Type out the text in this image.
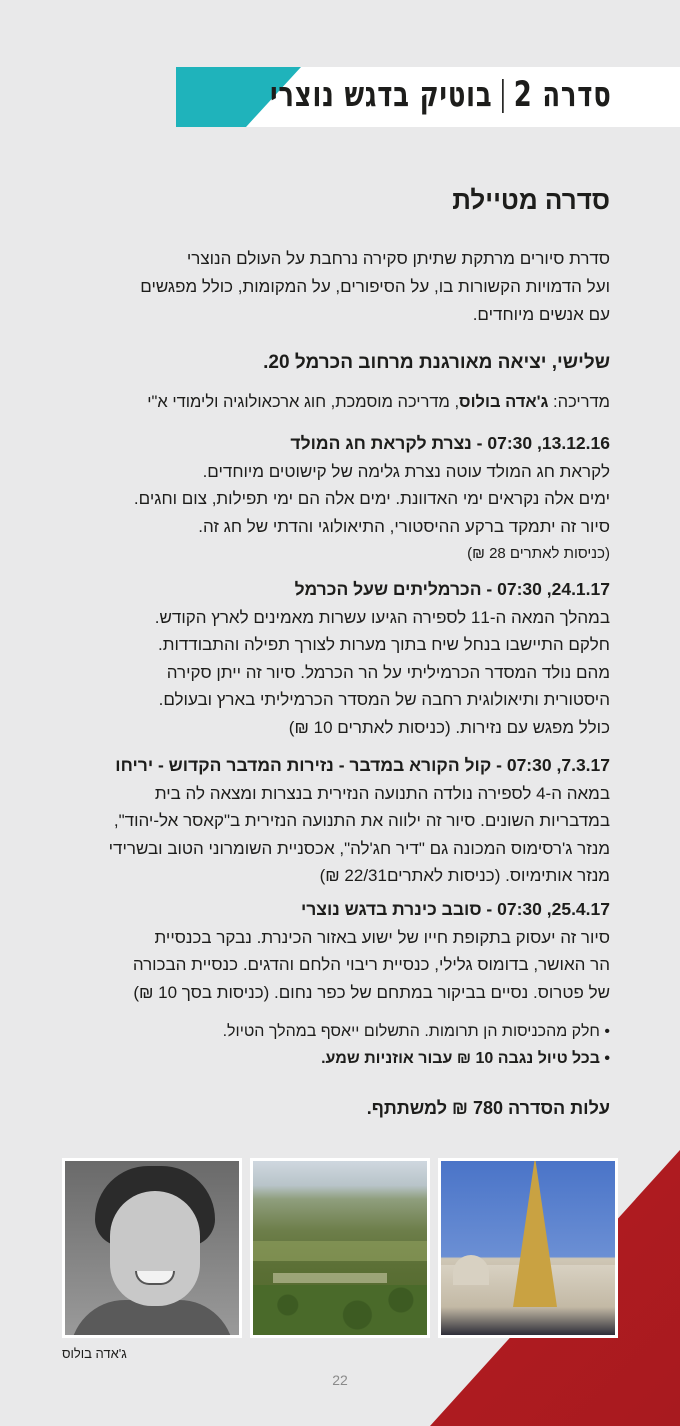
סדרה 2בוטיק בדגש נוצרי
סדרה מטיילת
סדרת סיורים מרתקת שתיתן סקירה נרחבת על העולם הנוצרי
ועל הדמויות הקשורות בו, על הסיפורים, על המקומות, כולל מפגשים
עם אנשים מיוחדים.
שלישי, יציאה מאורגנת מרחוב הכרמל 20.
מדריכה: ג'אדה בולוס, מדריכה מוסמכת, חוג ארכאולוגיה ולימודי א"י
13.12.16, 07:30 - נצרת לקראת חג המולד
לקראת חג המולד עוטה נצרת גלימה של קישוטים מיוחדים.
ימים אלה נקראים ימי האדוונת. ימים אלה הם ימי תפילות, צום וחגים.
סיור זה יתמקד ברקע ההיסטורי, התיאולוגי והדתי של חג זה.
(כניסות לאתרים 28 ₪)
24.1.17, 07:30 - הכרמליתים שעל הכרמל
במהלך המאה ה-11 לספירה הגיעו עשרות מאמינים לארץ הקודש.
חלקם התיישבו בנחל שיח בתוך מערות לצורך תפילה והתבודדות.
מהם נולד המסדר הכרמיליתי על הר הכרמל. סיור זה ייתן סקירה
היסטורית ותיאולוגית רחבה של המסדר הכרמיליתי בארץ ובעולם.
כולל מפגש עם נזירות. (כניסות לאתרים 10 ₪)
7.3.17, 07:30 - קול הקורא במדבר - נזירות המדבר הקדוש - יריחו
במאה ה-4 לספירה נולדה התנועה הנזירית בנצרות ומצאה לה בית
במדבריות השונים. סיור זה ילווה את התנועה הנזירית ב"קאסר אל-יהוד",
מנזר ג'רסימוס המכונה גם "דיר חג'לה", אכסניית השומרוני הטוב ובשרידי
מנזר אותימיוס. (כניסות לאתרים22/31 ₪)
25.4.17, 07:30 - סובב כינרת בדגש נוצרי
סיור זה יעסוק בתקופת חייו של ישוע באזור הכינרת. נבקר בכנסיית
הר האושר, בדומוס גלילי, כנסיית ריבוי הלחם והדגים. כנסיית הבכורה
של פטרוס. נסיים בביקור במתחם של כפר נחום. (כניסות בסך 10 ₪)
• חלק מהכניסות הן תרומות. התשלום ייאסף במהלך הטיול.
• בכל טיול נגבה 10 ₪ עבור אוזניות שמע.
עלות הסדרה 780 ₪ למשתתף.
ג'אדה בולוס
22
